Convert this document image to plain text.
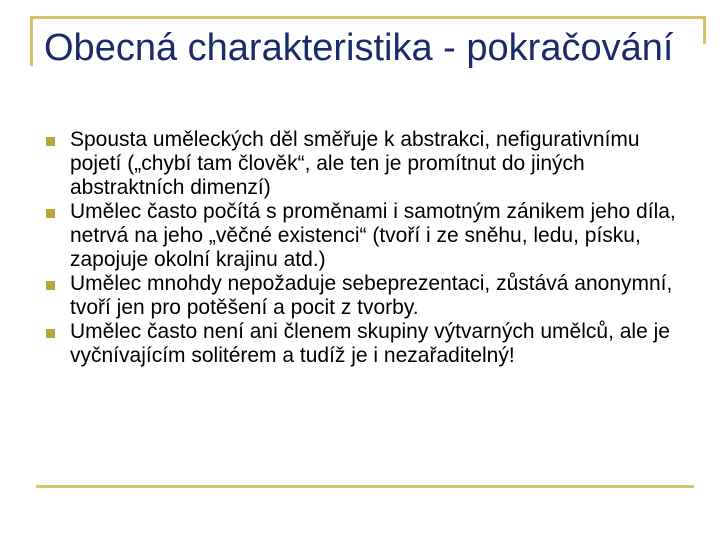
Obecná charakteristika - pokračování
Spousta uměleckých děl směřuje k abstrakci, nefigurativnímu pojetí („chybí tam člověk“, ale ten je promítnut do jiných abstraktních dimenzí)
Umělec často počítá s proměnami i samotným zánikem jeho díla, netrvá na jeho „věčné existenci“ (tvoří i ze sněhu, ledu, písku, zapojuje okolní krajinu atd.)
Umělec mnohdy nepožaduje sebeprezentaci, zůstává anonymní, tvoří jen pro potěšení a pocit z tvorby.
Umělec často není ani členem skupiny výtvarných umělců, ale je vyčnívajícím solitérem a tudíž je i nezařaditelný!
